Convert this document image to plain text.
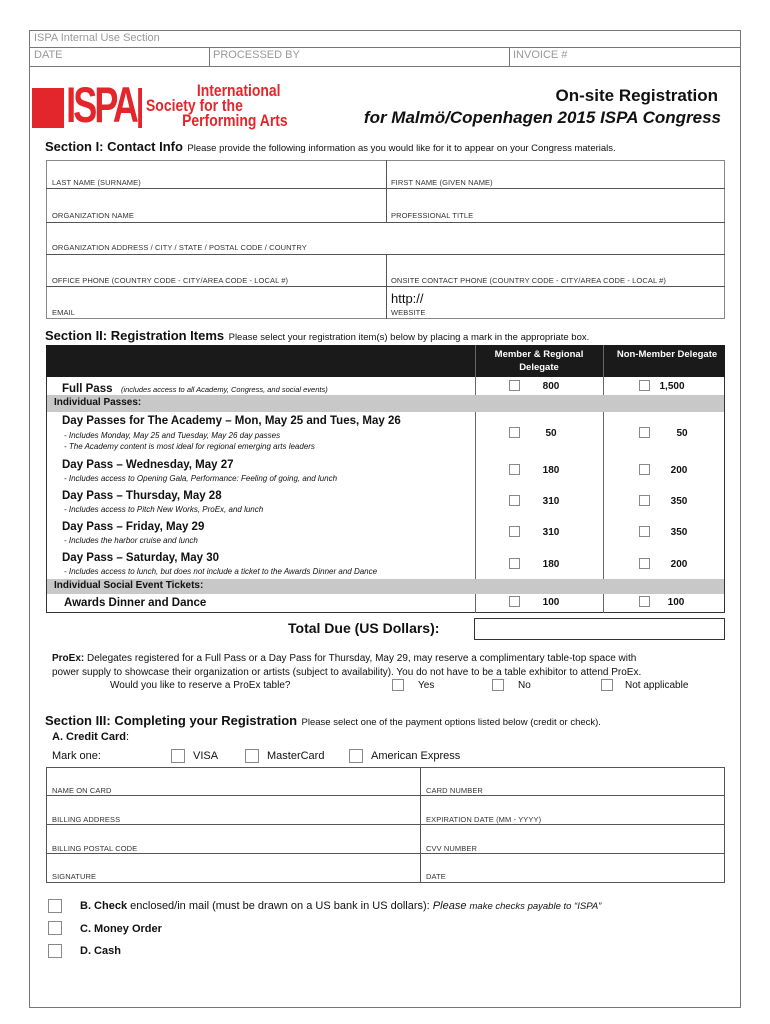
ISPA Internal Use Section
DATE	PROCESSED BY	INVOICE #
ISPA	International
Society for the
Performing Arts
On-site Registration
for Malmö/Copenhagen 2015 ISPA Congress
Section I: Contact Info Please provide the following information as you would like for it to appear on your Congress materials.
LAST NAME (SURNAME)	FIRST NAME (GIVEN NAME)
ORGANIZATION NAME	PROFESSIONAL TITLE
ORGANIZATION ADDRESS / CITY / STATE / POSTAL CODE / COUNTRY
OFFICE PHONE (COUNTRY CODE - CITY/AREA CODE - LOCAL #)	ONSITE CONTACT PHONE (COUNTRY CODE - CITY/AREA CODE - LOCAL #)
EMAIL	WEBSITE
http://
Section II: Registration Items Please select your registration item(s) below by placing a mark in the appropriate box.
Member & Regional Delegate
Non-Member Delegate
Full Pass (includes access to all Academy, Congress, and social events)	800	1,500
Individual Passes:
Day Passes for The Academy – Mon, May 25 and Tues, May 26
- Includes Monday, May 25 and Tuesday, May 26 day passes
- The Academy content is most ideal for regional emerging arts leaders
50	50
Day Pass – Wednesday, May 27
- Includes access to Opening Gala, Performance: Feeling of going, and lunch
180	200
Day Pass – Thursday, May 28
- Includes access to Pitch New Works, ProEx, and lunch
310	350
Day Pass – Friday, May 29
- Includes the harbor cruise and lunch
310	350
Day Pass – Saturday, May 30
- Includes access to lunch, but does not include a ticket to the Awards Dinner and Dance
180	200
Individual Social Event Tickets:
Awards Dinner and Dance	100	100
Total Due (US Dollars):
ProEx: Delegates registered for a Full Pass or a Day Pass for Thursday, May 29, may reserve a complimentary table-top space with
power supply to showcase their organization or artists (subject to availability). You do not have to be a table exhibitor to attend ProEx.
Would you like to reserve a ProEx table?	Yes	No	Not applicable
Section III: Completing your Registration Please select one of the payment options listed below (credit or check).
A. Credit Card:
Mark one:	VISA	MasterCard	American Express
NAME ON CARD	CARD NUMBER
BILLING ADDRESS	EXPIRATION DATE (MM - YYYY)
BILLING POSTAL CODE	CVV NUMBER
SIGNATURE	DATE
B. Check enclosed/in mail (must be drawn on a US bank in US dollars): Please make checks payable to “ISPA”
C. Money Order
D. Cash
